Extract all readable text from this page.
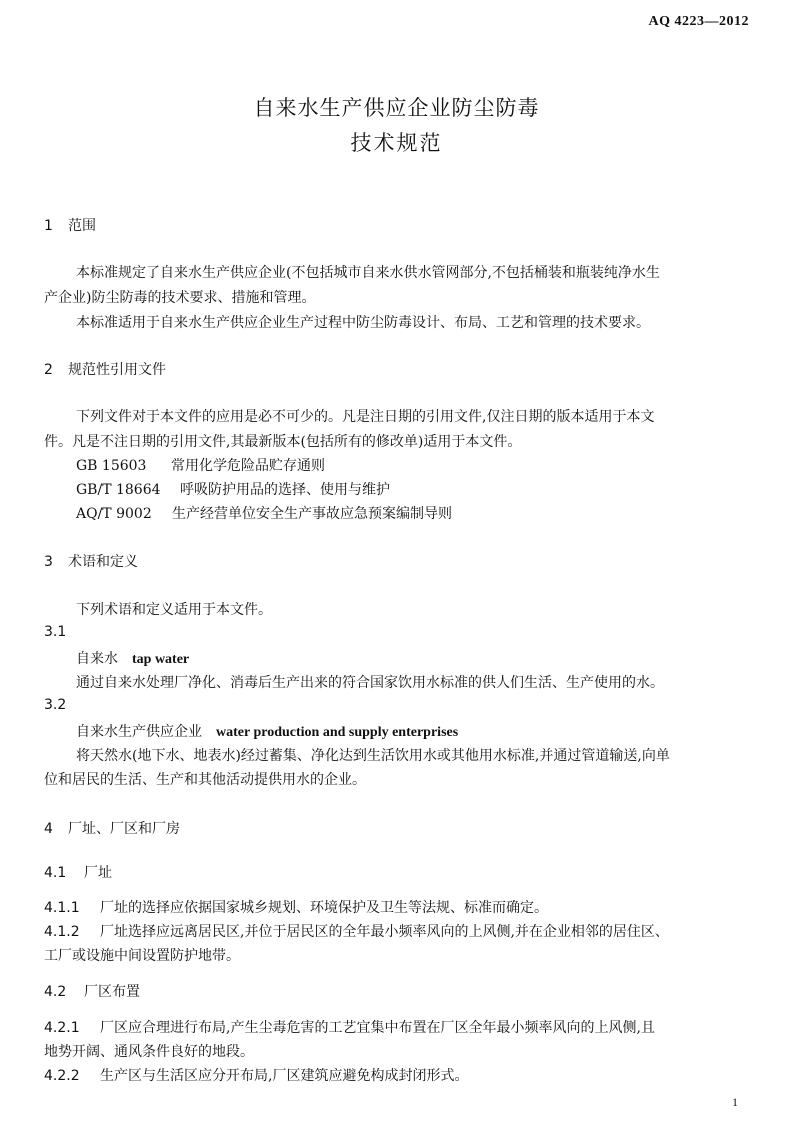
AQ 4223—2012
自来水生产供应企业防尘防毒
技术规范
1 范围
本标准规定了自来水生产供应企业(不包括城市自来水供水管网部分,不包括桶装和瓶装纯净水生
产企业)防尘防毒的技术要求、措施和管理。
本标准适用于自来水生产供应企业生产过程中防尘防毒设计、布局、工艺和管理的技术要求。
2 规范性引用文件
下列文件对于本文件的应用是必不可少的。凡是注日期的引用文件,仅注日期的版本适用于本文
件。凡是不注日期的引用文件,其最新版本(包括所有的修改单)适用于本文件。
GB 15603 常用化学危险品贮存通则
GB/T 18664 呼吸防护用品的选择、使用与维护
AQ/T 9002 生产经营单位安全生产事故应急预案编制导则
3 术语和定义
下列术语和定义适用于本文件。
3.1
自来水 tap water
通过自来水处理厂净化、消毒后生产出来的符合国家饮用水标准的供人们生活、生产使用的水。
3.2
自来水生产供应企业 water production and supply enterprises
将天然水(地下水、地表水)经过蓄集、净化达到生活饮用水或其他用水标准,并通过管道输送,向单
位和居民的生活、生产和其他活动提供用水的企业。
4 厂址、厂区和厂房
4.1 厂址
4.1.1 厂址的选择应依据国家城乡规划、环境保护及卫生等法规、标准而确定。
4.1.2 厂址选择应远离居民区,并位于居民区的全年最小频率风向的上风侧,并在企业相邻的居住区、
工厂或设施中间设置防护地带。
4.2 厂区布置
4.2.1 厂区应合理进行布局,产生尘毒危害的工艺宜集中布置在厂区全年最小频率风向的上风侧,且
地势开阔、通风条件良好的地段。
4.2.2 生产区与生活区应分开布局,厂区建筑应避免构成封闭形式。
1
